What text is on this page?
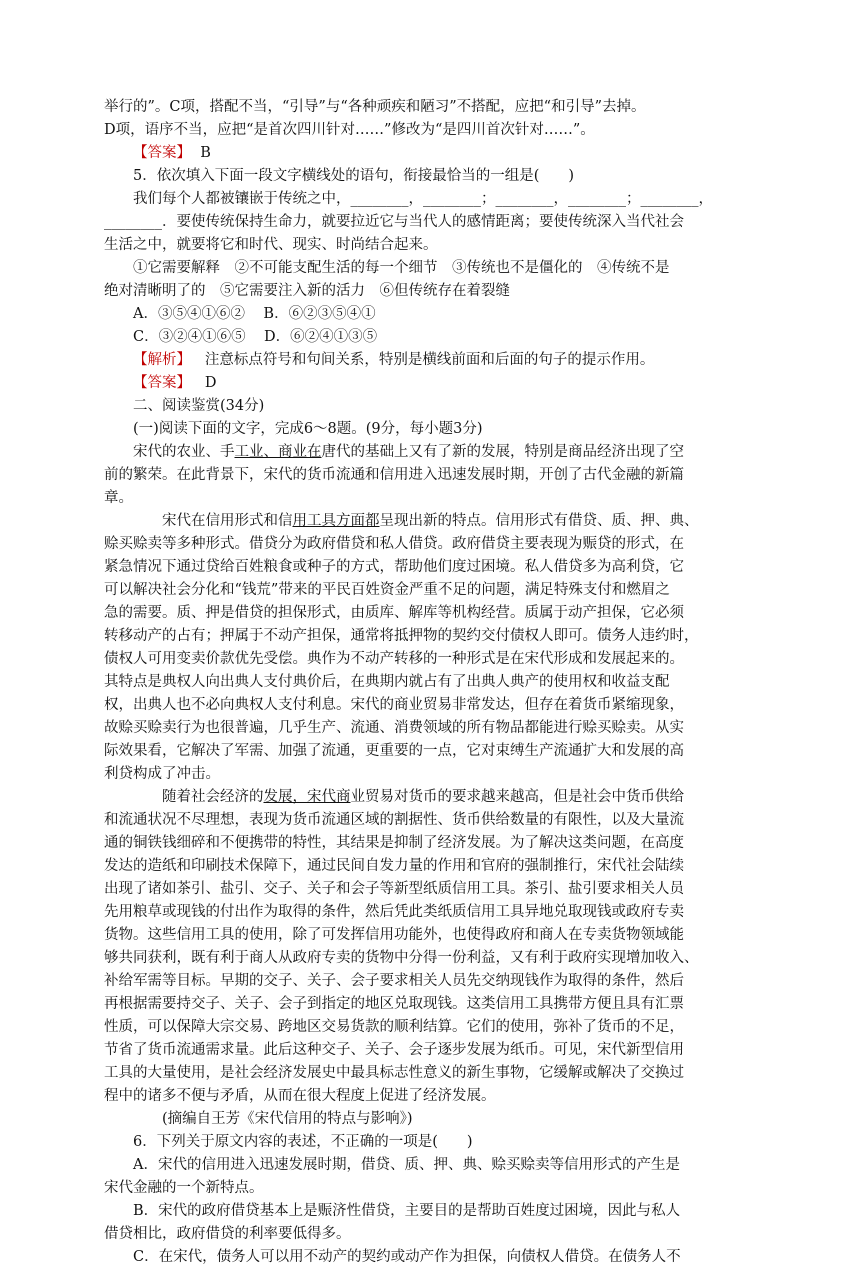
举行的”。C项，搭配不当，“引导”与“各种顽疾和陋习”不搭配，应把“和引导”去掉。

D项，语序不当，应把“是首次四川针对……”修改为“是四川首次针对……”。

【答案】 B

5．依次填入下面一段文字横线处的语句，衔接最恰当的一组是(　　)

我们每个人都被镶嵌于传统之中，________，________；________，________；________，

________．要使传统保持生命力，就要拉近它与当代人的感情距离；要使传统深入当代社会

生活之中，就要将它和时代、现实、时尚结合起来。

①它需要解释　②不可能支配生活的每一个细节　③传统也不是僵化的　④传统不是

绝对清晰明了的　⑤它需要注入新的活力　⑥但传统存在着裂缝

A．③⑤④①⑥② B．⑥②③⑤④①

C．③②④①⑥⑤ D．⑥②④①③⑤

【解析】 注意标点符号和句间关系，特别是横线前面和后面的句子的提示作用。

【答案】 D

二、阅读鉴赏(34分)

(一)阅读下面的文字，完成6～8题。(9分，每小题3分)

宋代的农业、手工业、商业在唐代的基础上又有了新的发展，特别是商品经济出现了空

前的繁荣。在此背景下，宋代的货币流通和信用进入迅速发展时期，开创了古代金融的新篇

章。

宋代在信用形式和信用工具方面都呈现出新的特点。信用形式有借贷、质、押、典、

赊买赊卖等多种形式。借贷分为政府借贷和私人借贷。政府借贷主要表现为赈贷的形式，在

紧急情况下通过贷给百姓粮食或种子的方式，帮助他们度过困境。私人借贷多为高利贷，它

可以解决社会分化和“钱荒”带来的平民百姓资金严重不足的问题，满足特殊支付和燃眉之

急的需要。质、押是借贷的担保形式，由质库、解库等机构经营。质属于动产担保，它必须

转移动产的占有；押属于不动产担保，通常将抵押物的契约交付债权人即可。债务人违约时，

债权人可用变卖价款优先受偿。典作为不动产转移的一种形式是在宋代形成和发展起来的。

其特点是典权人向出典人支付典价后，在典期内就占有了出典人典产的使用权和收益支配

权，出典人也不必向典权人支付利息。宋代的商业贸易非常发达，但存在着货币紧缩现象，

故赊买赊卖行为也很普遍，几乎生产、流通、消费领域的所有物品都能进行赊买赊卖。从实

际效果看，它解决了军需、加强了流通，更重要的一点，它对束缚生产流通扩大和发展的高

利贷构成了冲击。

随着社会经济的发展，宋代商业贸易对货币的要求越来越高，但是社会中货币供给

和流通状况不尽理想，表现为货币流通区域的割据性、货币供给数量的有限性，以及大量流

通的铜铁钱细碎和不便携带的特性，其结果是抑制了经济发展。为了解决这类问题，在高度

发达的造纸和印刷技术保障下，通过民间自发力量的作用和官府的强制推行，宋代社会陆续

出现了诸如茶引、盐引、交子、关子和会子等新型纸质信用工具。茶引、盐引要求相关人员

先用粮草或现钱的付出作为取得的条件，然后凭此类纸质信用工具异地兑取现钱或政府专卖

货物。这些信用工具的使用，除了可发挥信用功能外，也使得政府和商人在专卖货物领域能

够共同获利，既有利于商人从政府专卖的货物中分得一份利益，又有利于政府实现增加收入、

补给军需等目标。早期的交子、关子、会子要求相关人员先交纳现钱作为取得的条件，然后

再根据需要持交子、关子、会子到指定的地区兑取现钱。这类信用工具携带方便且具有汇票

性质，可以保障大宗交易、跨地区交易货款的顺利结算。它们的使用，弥补了货币的不足，

节省了货币流通需求量。此后这种交子、关子、会子逐步发展为纸币。可见，宋代新型信用

工具的大量使用，是社会经济发展史中最具标志性意义的新生事物，它缓解或解决了交换过

程中的诸多不便与矛盾，从而在很大程度上促进了经济发展。

(摘编自王芳《宋代信用的特点与影响》)

6．下列关于原文内容的表述，不正确的一项是(　　)

A．宋代的信用进入迅速发展时期，借贷、质、押、典、赊买赊卖等信用形式的产生是

宋代金融的一个新特点。

B．宋代的政府借贷基本上是赈济性借贷，主要目的是帮助百姓度过困境，因此与私人

借贷相比，政府借贷的利率要低得多。

C．在宋代，债务人可以用不动产的契约或动产作为担保，向债权人借贷。在债务人不
